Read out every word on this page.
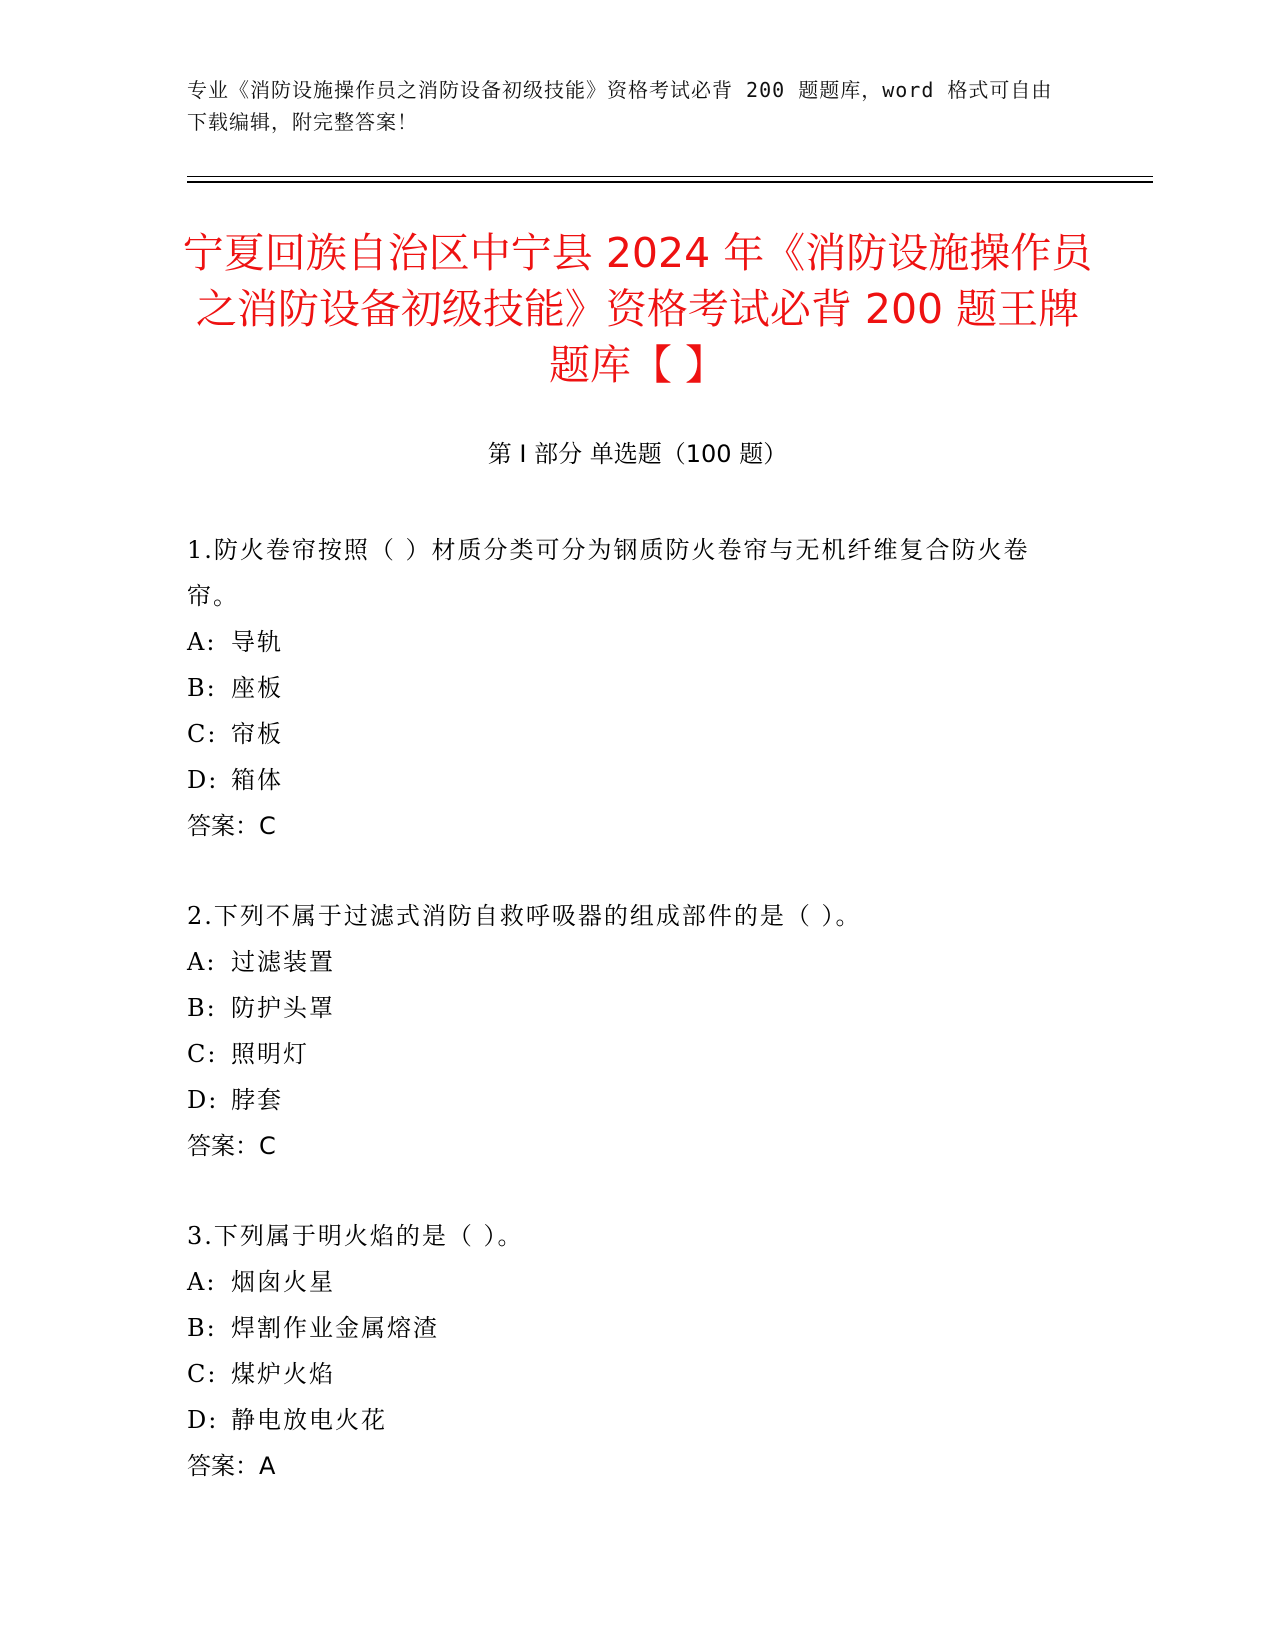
专业《消防设施操作员之消防设备初级技能》资格考试必背 200 题题库，word 格式可自由下载编辑，附完整答案！
宁夏回族自治区中宁县 2024 年《消防设施操作员之消防设备初级技能》资格考试必背 200 题王牌题库【 】
第 I 部分 单选题（100 题）

1.防火卷帘按照（ ）材质分类可分为钢质防火卷帘与无机纤维复合防火卷帘。

A: 导轨

B: 座板

C: 帘板

D: 箱体

答案：C

2.下列不属于过滤式消防自救呼吸器的组成部件的是（ ）。

A: 过滤装置

B: 防护头罩

C: 照明灯

D: 脖套

答案：C

3.下列属于明火焰的是（ ）。

A: 烟囱火星

B: 焊割作业金属熔渣

C: 煤炉火焰

D: 静电放电火花

答案：A
